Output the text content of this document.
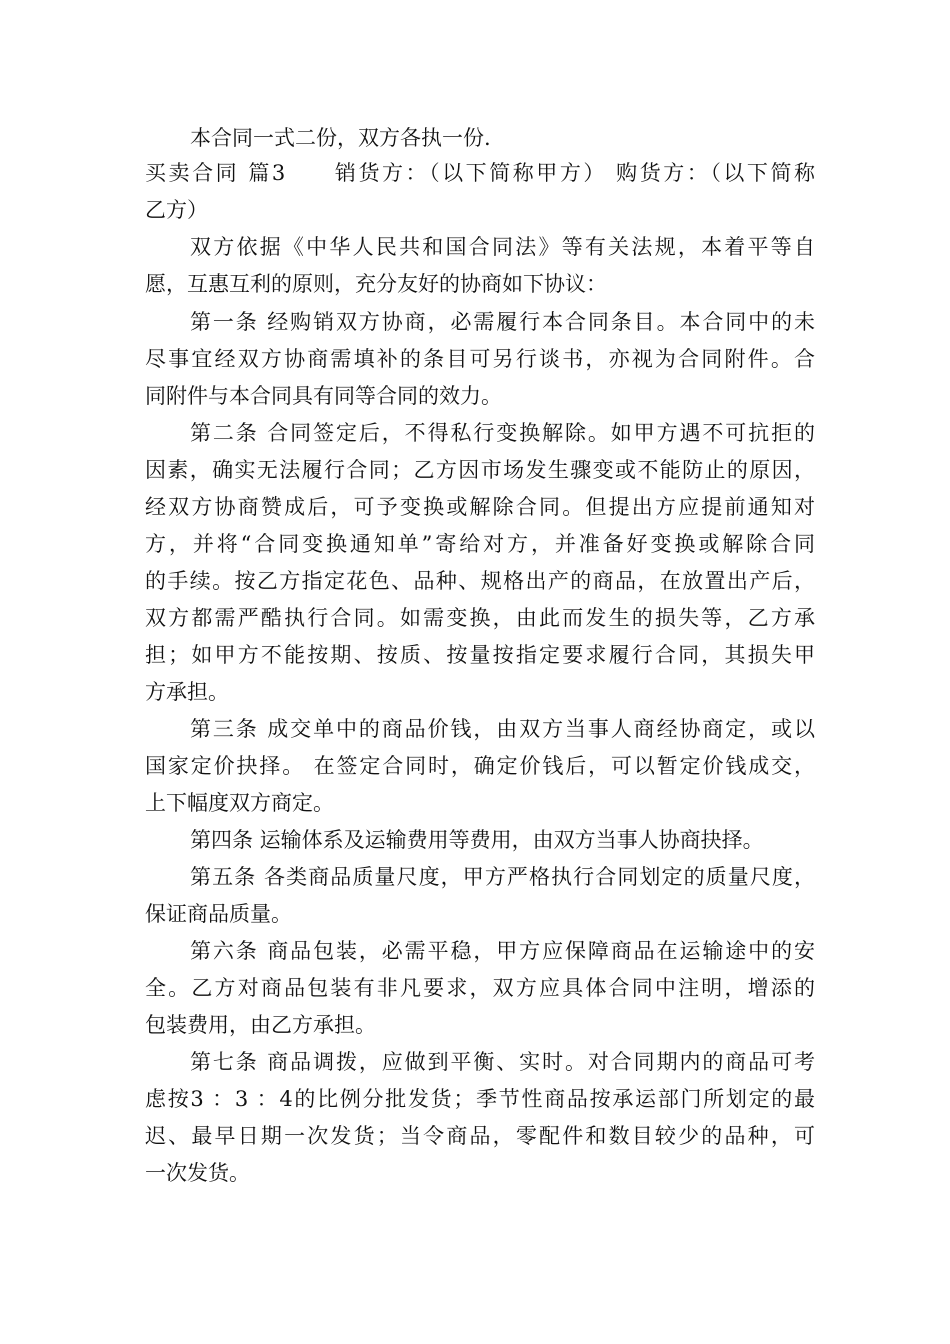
本合同一式二份，双方各执一份.

买卖合同 篇3　　销货方：（以下简称甲方） 购货方：（以下简称

乙方）

双方依据《中华人民共和国合同法》等有关法规，本着平等自

愿，互惠互利的原则，充分友好的协商如下协议：

第一条 经购销双方协商，必需履行本合同条目。本合同中的未

尽事宜经双方协商需填补的条目可另行谈书，亦视为合同附件。合

同附件与本合同具有同等合同的效力。

第二条 合同签定后，不得私行变换解除。如甲方遇不可抗拒的

因素，确实无法履行合同；乙方因市场发生骤变或不能防止的原因，

经双方协商赞成后，可予变换或解除合同。但提出方应提前通知对

方，并将“合同变换通知单”寄给对方，并准备好变换或解除合同

的手续。按乙方指定花色、品种、规格出产的商品，在放置出产后，

双方都需严酷执行合同。如需变换，由此而发生的损失等，乙方承

担；如甲方不能按期、按质、按量按指定要求履行合同，其损失甲

方承担。

第三条 成交单中的商品价钱，由双方当事人商经协商定，或以

国家定价抉择。 在签定合同时，确定价钱后，可以暂定价钱成交，

上下幅度双方商定。

第四条 运输体系及运输费用等费用，由双方当事人协商抉择。

第五条 各类商品质量尺度，甲方严格执行合同划定的质量尺度，

保证商品质量。

第六条 商品包装，必需平稳，甲方应保障商品在运输途中的安

全。乙方对商品包装有非凡要求，双方应具体合同中注明，增添的

包装费用，由乙方承担。

第七条 商品调拨，应做到平衡、实时。对合同期内的商品可考

虑按3 ：3 ：4的比例分批发货；季节性商品按承运部门所划定的最

迟、最早日期一次发货；当令商品，零配件和数目较少的品种，可

一次发货。
